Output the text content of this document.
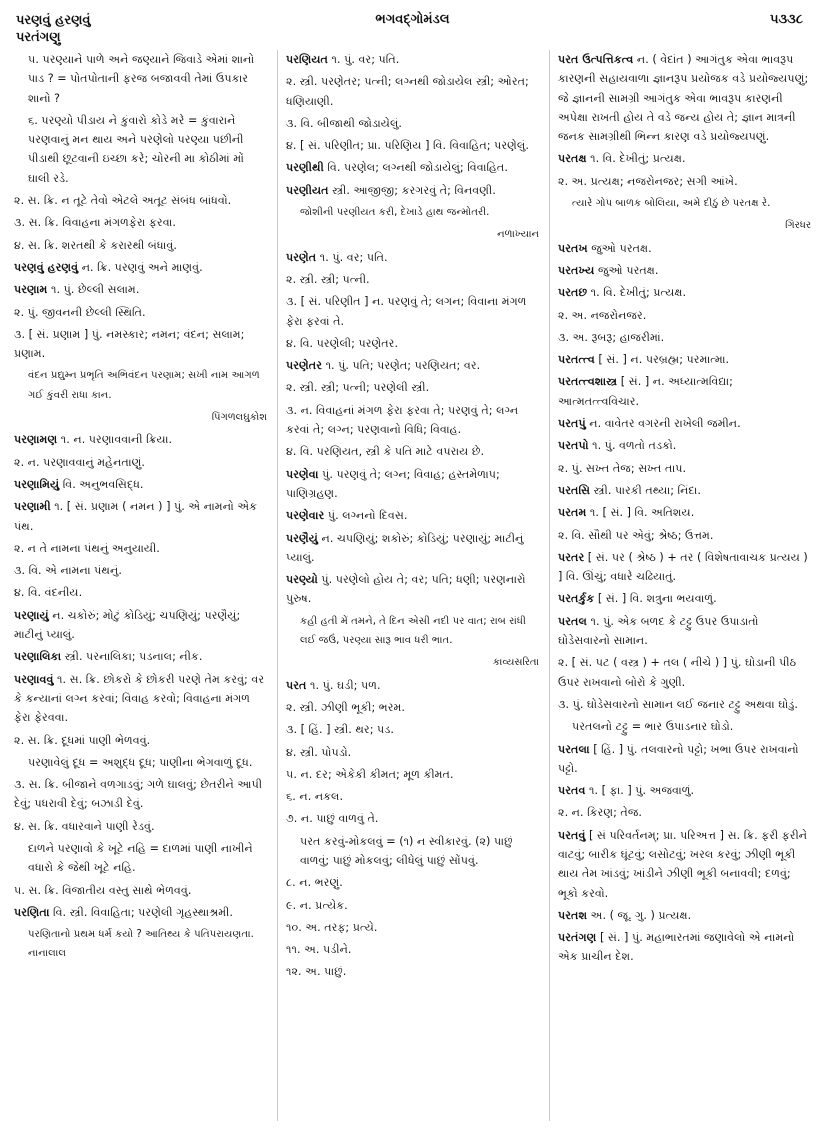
પરણવું હરણવું
પરતંગણુ
ભગવદ્ગોમંડલ	૫૩૩૮

૫. પરણ્યાને પાળે અને જણ્યાને જિવાડે એમાં શાનો પાડ ? = પોતપોતાની ફરજ બજાવવી તેમાં ઉપકાર શાનો ?

૬. પરણ્યો પીડાય ને કુંવારો કોડે મરે = કુંવારાને પરણવાનું મન થાય અને પરણેલો પરણ્યા પછીની પીડાથી છૂટવાની ઇચ્છા કરે; ચોરની મા કોઠીમાં મોં ઘાલી રડે.

૨. સ. ક્રિ. ન તૂટે તેવો એટલે અતૂટ સંબંધ બાંધવો.

૩. સ. ક્રિ. વિવાહના મંગળફેરા ફરવા.

૪. સ. ક્રિ. શરતથી કે કરારથી બંધાવું.

પરણવું હરણવું ન. ક્રિ. પરણવું અને માણવું.

પરણામ ૧. પું. છેલ્લી સલામ.

૨. પું. જીવનની છેલ્લી સ્થિતિ.

૩. [ સં. પ્રણામ ] પું. નમસ્કાર; નમન; વંદન; સલામ; પ્રણામ.

વંદન પ્રદ્યુમ્ન પ્રભૃતિ અભિવંદન પરણામ; સખી નામ આગળ ગઈ કુંવરી રાધા કાન.

પિંગળલઘુકોશ

પરણામણ ૧. ન. પરણાવવાની ક્રિયા.

૨. ન. પરણાવવાનું મહેનતાણું.

પરણામિયું વિ. અનુભવસિદ્ધ.

પરણામી ૧. [ સં. પ્રણામ ( નમન ) ] પું. એ નામનો એક પંથ.

૨. ન તે નામના પંથનું અનુયાયી.

૩. વિ. એ નામના પંથનું.

૪. વિ. વંદનીય.

પરણાયું ન. ચકોરું; મોટું કોડિયું; ચપણિયું; પરણૈયું; માટીનું પ્યાલું.

પરણાલિકા સ્ત્રી. પરનાલિકા; પડનાલ; નીક.

પરણાવવું ૧. સ. ક્રિ. છોકરો કે છોકરી પરણે તેમ કરવું; વર કે કન્યાનાં લગ્ન કરવાં; વિવાહ કરવો; વિવાહના મંગળ ફેરા ફેરવવા.

૨. સ. ક્રિ. દૂધમાં પાણી ભેળવવું.

પરણાવેલું દૂધ = અશુદ્ધ દૂધ; પાણીના ભેગવાળું દૂધ.

૩. સ. ક્રિ. બીજાને વળગાડવું; ગળે ઘાલવું; છેતરીને આપી દેવું; પધરાવી દેવું; બઝાડી દેવું.

૪. સ. ક્રિ. વધારવાને પાણી રેડવું.

દાળને પરણાવો કે ખૂટે નહિ = દાળમાં પાણી નાખીને વધારો કે જેથી ખૂટે નહિ.

૫. સ. ક્રિ. વિજાતીય વસ્તુ સાથે ભેળવવું.

પરણિતા વિ. સ્ત્રી. વિવાહિતા; પરણેલી ગૃહસ્થાશ્રમી.

પરણિતાનો પ્રથમ ધર્મ કયો ? આતિથ્ય કે પતિપરાયણતા. નાનાલાલ

પરણિયત ૧. પું. વર; પતિ.

૨. સ્ત્રી. પરણેતર; પત્ની; લગ્નથી જોડાયેલ સ્ત્રી; ઓરત; ધણિયાણી.

૩. વિ. બીજાથી જોડાયેલું.

૪. [ સં. પરિણીત; પ્રા. પરિણિય ] વિ. વિવાહિત; પરણેલું.

પરણીથી વિ. પરણેલ; લગ્નથી જોડાયેલું; વિવાહિત.

પરણીયત સ્ત્રી. આજીજી; કરગરવું તે; વિનવણી.

જોશીની પરણીયત કરી, દેખાડે હાથ જન્મોતરી.

નળાખ્યાન

પરણેત ૧. પું. વર; પતિ.

૨. સ્ત્રી. સ્ત્રી; પત્ની.

૩. [ સં. પરિણીત ] ન. પરણવું તે; લગન; વિવાના મંગળ ફેરા ફરવાં તે.

૪. વિ. પરણેલી; પરણેતર.

પરણેતર ૧. પું. પતિ; પરણેત; પરણિયત; વર.

૨. સ્ત્રી. સ્ત્રી; પત્ની; પરણેલી સ્ત્રી.

૩. ન. વિવાહનાં મંગળ ફેરા ફરવા તે; પરણવું તે; લગ્ન કરવાં તે; લગ્ન; પરણવાનો વિધિ; વિવાહ.

૪. વિ. પરણિયત, સ્ત્રી કે પતિ માટે વપરાય છે.

પરણેવા પું. પરણવું તે; લગ્ન; વિવાહ; હસ્તમેળાપ; પાણિગ્રહણ.

પરણેવાર પું. લગ્નનો દિવસ.

પરણૈયું ન. ચપણિયું; શકોરું; કોડિયું; પરણાયું; માટીનું પ્યાલું.

પરણ્યો પું. પરણેલો હોય તે; વર; પતિ; ધણી; પરણનારો પુરુષ.

કહી હતી મેં તમને, તે દિન એસી નદી પર વાત; રાબ રાંધી લઈ જઉં, પરણ્યા સારૂ ભાવ ધરી ભાત.

કાવ્યસરિતા

પરત ૧. પું. ઘડી; પળ.

૨. સ્ત્રી. ઝીણી ભૂકી; ભરમ.

૩. [ હિં. ] સ્ત્રી. થર; પડ.

૪. સ્ત્રી. પોપડો.

૫. ન. દર; એકેકી કીમત; મૂળ કીમત.

૬. ન. નકલ.

૭. ન. પાછું વાળવું તે.

પરત કરવું-મોકલવું = (૧) ન સ્વીકારવું. (૨) પાછું વાળવું; પાછું મોકલવું; લીધેલું પાછું સોંપવું.

૮. ન. ભરણું.

૯. ન. પ્રત્યેક.

૧૦. અ. તરફ; પ્રત્યે.

૧૧. અ. પડીને.

૧૨. અ. પાછું.

પરત ઉત્પત્તિકત્વ ન. ( વેદાંત ) આગંતુક એવા ભાવરૂપ કારણની સહાયવાળા જ્ઞાનરૂપ પ્રયોજક વડે પ્રયોજ્યપણું; જે જ્ઞાનની સામગ્રી આગંતુક એવા ભાવરૂપ કારણની અપેક્ષા રાખતી હોય તે વડે જન્ય હોય તે; જ્ઞાન માત્રની જનક સામગ્રીથી ભિન્ન કારણ વડે પ્રયોજ્યપણું.

પરતક્ષ ૧. વિ. દેખીતું; પ્રત્યક્ષ.

૨. અ. પ્રત્યક્ષ; નજરોનજર; સગી આંખે.

ત્યારે ગોપ બાળક બોલિયા, અમે દીઠું છે પરતક્ષ રે.

ગિરધર

પરતખ જુઓ પરતક્ષ.

પરતખ્ય જુઓ પરતક્ષ.

પરતછ ૧. વિ. દેખીતું; પ્રત્યક્ષ.

૨. અ. નજરોનજર.

૩. અ. રૂબરૂ; હાજરીમાં.

પરતત્ત્વ [ સં. ] ન. પરબ્રહ્મ; પરમાત્મા.

પરતત્ત્વશાસ્ત્ર [ સં. ] ન. અધ્યાત્મવિદ્યા; આત્મતત્ત્વવિચાર.

પરતપું ન. વાવેતર વગરની રાખેલી જમીન.

પરતપો ૧. પું. વળતો તડકો.

૨. પું. સખ્ત તેજ; સખ્ત તાપ.

પરતસિ સ્ત્રી. પારકી તથ્યા; નિંદા.

પરતમ ૧. [ સં. ] વિ. અતિશય.

૨. વિ. સૌથી પર એવું; શ્રેષ્ઠ; ઉત્તમ.

પરતર [ સં. પર ( શ્રેષ્ઠ ) + તર ( વિશેષતાવાચક પ્રત્યય ) ] વિ. ઊંચું; વધારે ચઢિયાતું.

પરતર્કુક [ સં. ] વિ. શત્રુના ભયવાળું.

પરતલ ૧. પું. એક બળદ કે ટટ્ટુ ઉપર ઉપાડાતો ઘોડેસવારનો સામાન.

૨. [ સં. પટ ( વસ્ત્ર ) + તલ ( નીચે ) ] પું. ઘોડાની પીઠ ઉપર રાખવાનો બોરો કે ગુણી.

૩. પું. ઘોડેસવારનો સામાન લઈ જનાર ટટ્ટુ અથવા ઘોડું.

પરતલનો ટટ્ટુ = ભાર ઉપાડનાર ઘોડો.

પરતલા [ હિં. ] પું. તલવારનો પટ્ટો; ખભા ઉપર રાખવાનો પટ્ટો.

પરતવ ૧. [ ફા. ] પું. અજવાળું.

૨. ન. કિરણ; તેજ.

પરતવું [ સં પરિવર્તનમ્; પ્રા. પરિઅત્ત ] સ. ક્રિ. ફરી ફરીને વાટવું; બારીક ઘૂંટવું; લસોટવું; ખરલ કરવું; ઝીણી ભૂકી થાય તેમ ખાંડવું; ખાંડીને ઝીણી ભૂકી બનાવવી; દળવું; ભૂકો કરવો.

પરતશ અ. ( જૂ. ગુ. ) પ્રત્યક્ષ.

પરતંગણ [ સં. ] પું. મહાભારતમાં જણાવેલો એ નામનો એક પ્રાચીન દેશ.
